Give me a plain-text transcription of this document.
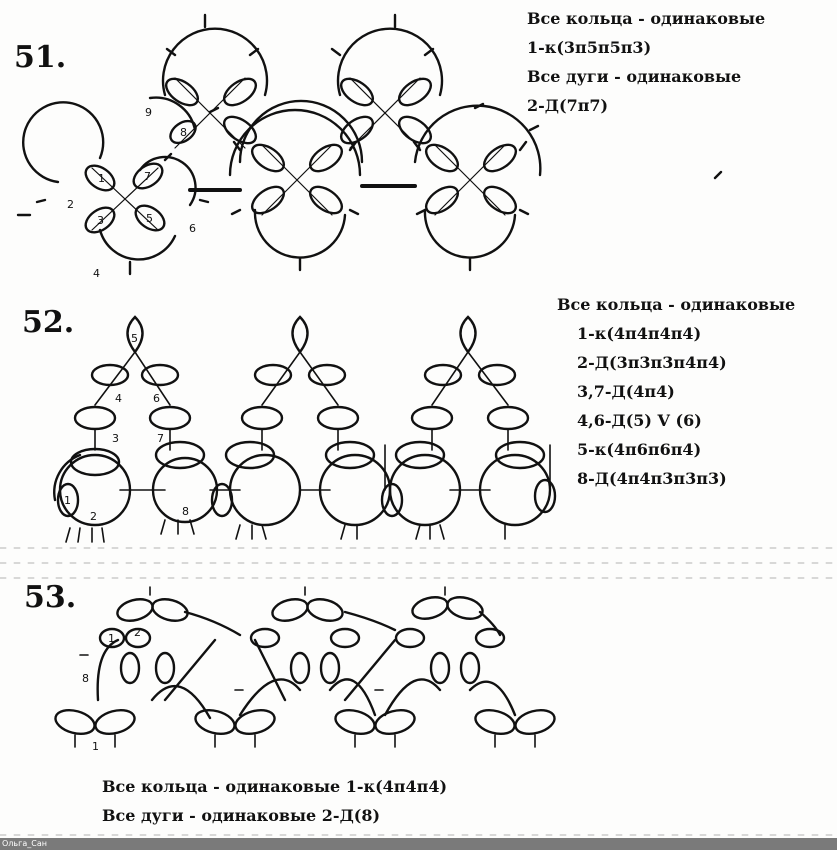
51.
52.
53.
Все кольца - одинаковые
1-к(3п5п5п3)
Все дуги - одинаковые
2-Д(7п7)
Все кольца - одинаковые
1-к(4п4п4п4)
2-Д(3п3п3п4п4)
3,7-Д(4п4)
4,6-Д(5) V (6)
5-к(4п6п6п4)
8-Д(4п4п3п3п3)
Все кольца - одинаковые 1-к(4п4п4)
Все дуги - одинаковые 2-Д(8)
1
2
3
4
5
6
7
8
9
1
2
3
4
5
6
7
8
1 2
8
1
Ольга_Сан
